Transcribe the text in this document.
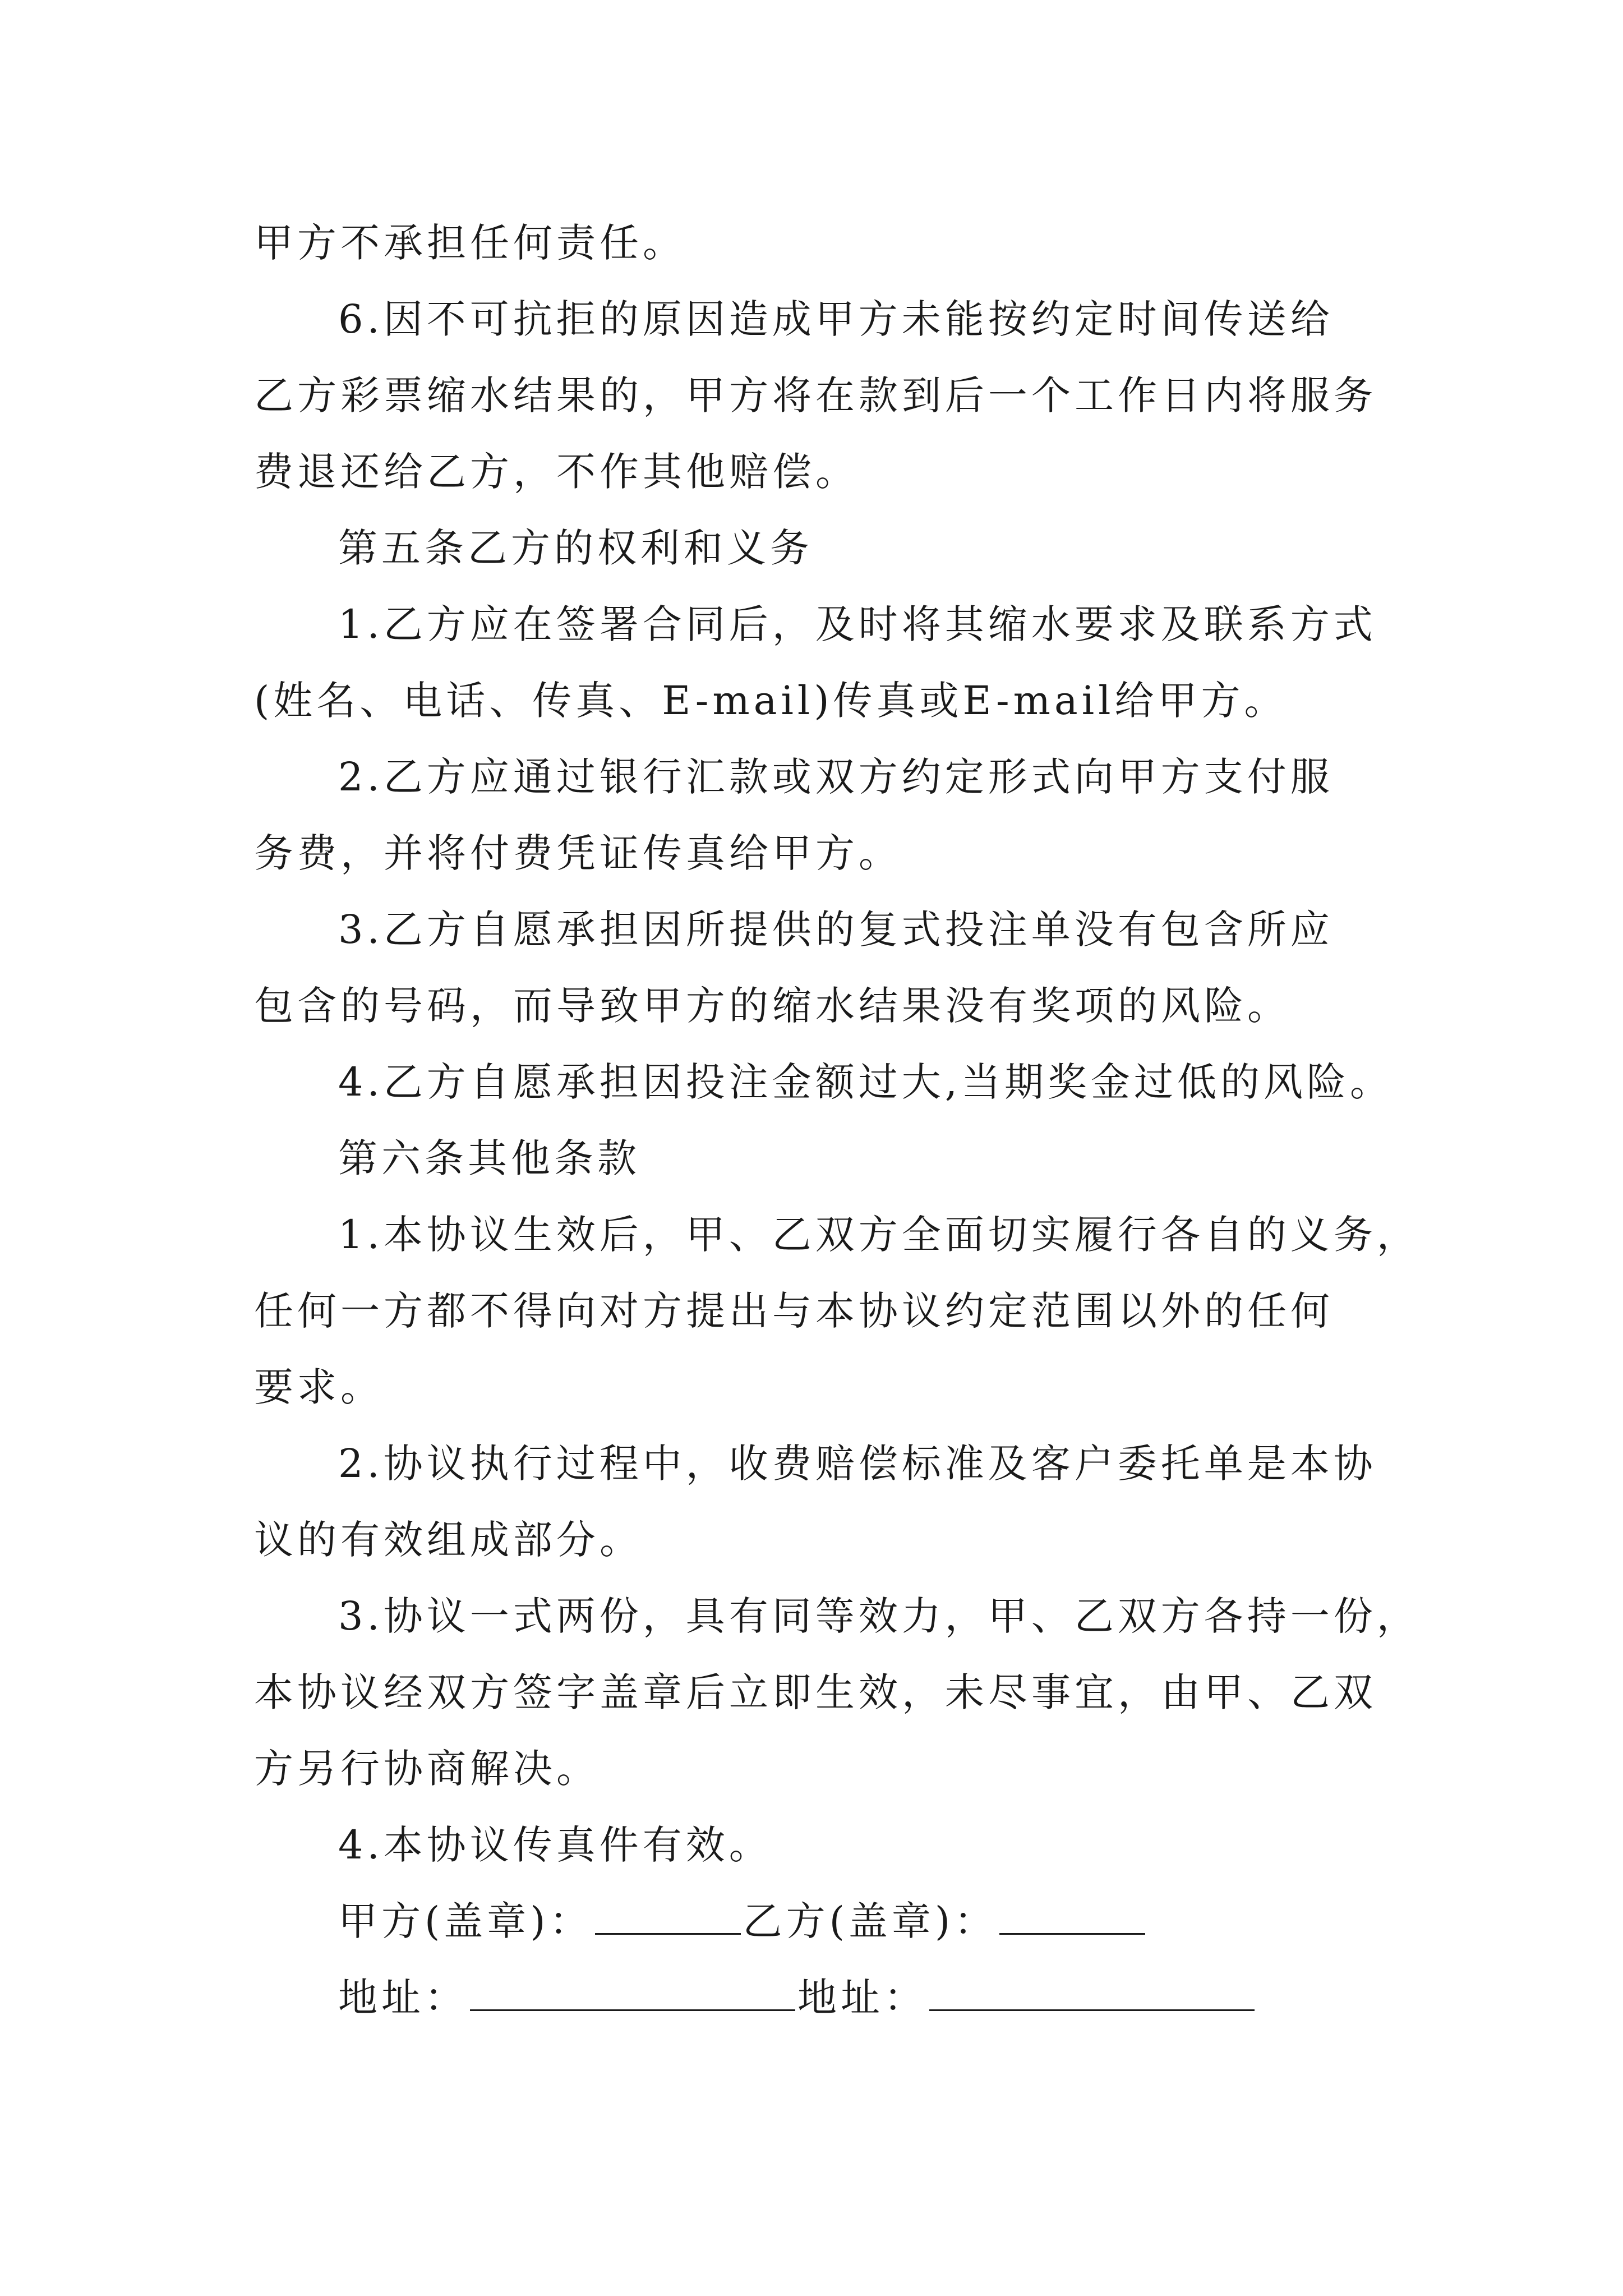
甲方不承担任何责任。
6.因不可抗拒的原因造成甲方未能按约定时间传送给
乙方彩票缩水结果的，甲方将在款到后一个工作日内将服务
费退还给乙方，不作其他赔偿。
第五条乙方的权利和义务
1.乙方应在签署合同后，及时将其缩水要求及联系方式
(姓名、电话、传真、E-mail)传真或E-mail给甲方。
2.乙方应通过银行汇款或双方约定形式向甲方支付服
务费，并将付费凭证传真给甲方。
3.乙方自愿承担因所提供的复式投注单没有包含所应
包含的号码，而导致甲方的缩水结果没有奖项的风险。
4.乙方自愿承担因投注金额过大,当期奖金过低的风险。
第六条其他条款
1.本协议生效后，甲、乙双方全面切实履行各自的义务，
任何一方都不得向对方提出与本协议约定范围以外的任何
要求。
2.协议执行过程中，收费赔偿标准及客户委托单是本协
议的有效组成部分。
3.协议一式两份，具有同等效力，甲、乙双方各持一份，
本协议经双方签字盖章后立即生效，未尽事宜，由甲、乙双
方另行协商解决。
4.本协议传真件有效。
甲方(盖章)：	乙方(盖章)：
地址：	地址：
